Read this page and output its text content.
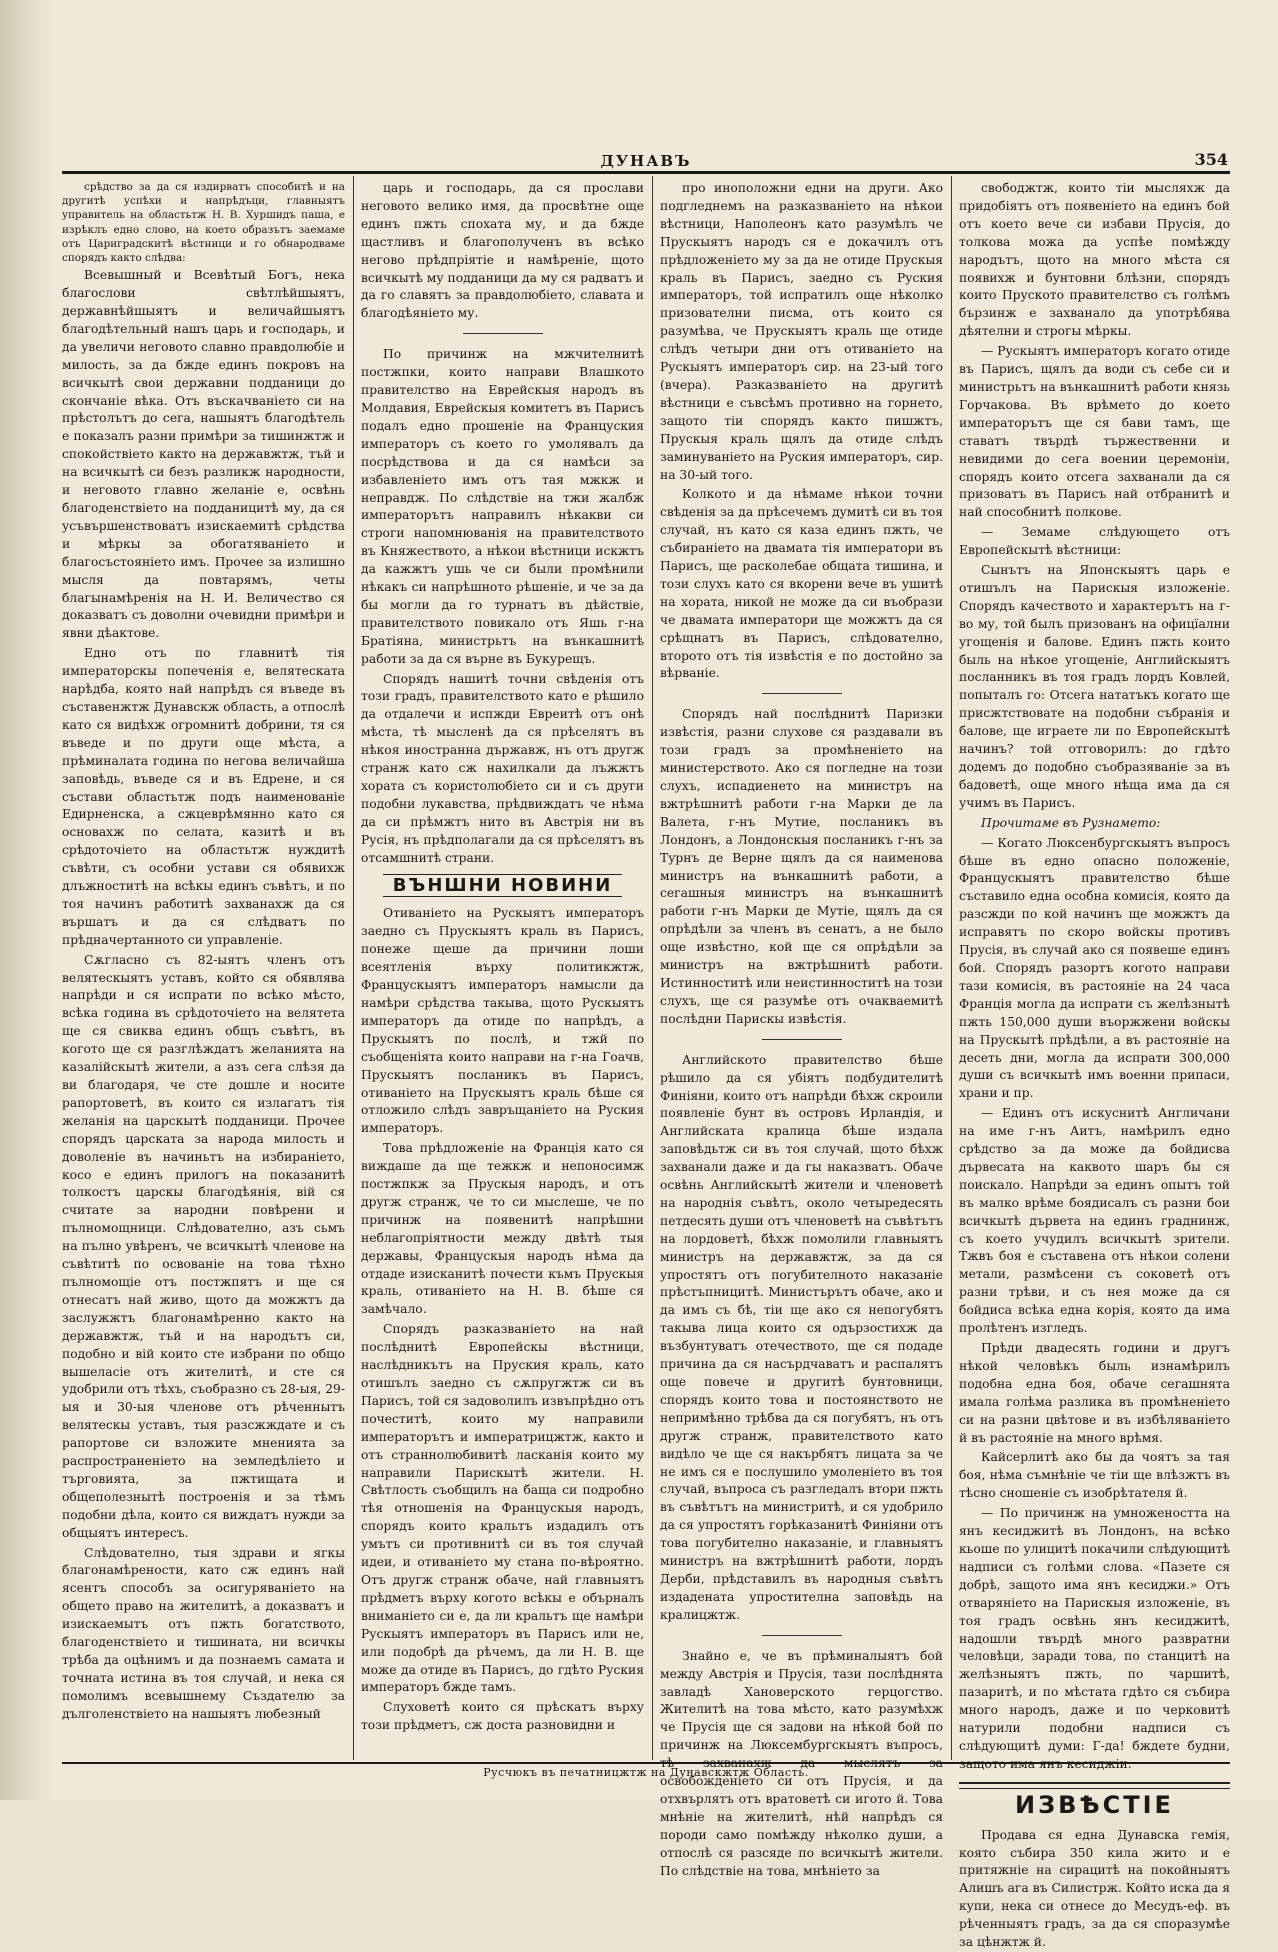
ДУНАВЪ	354

срѣдство за да ся издирватъ способитѣ и на другитѣ успѣхи и напрѣдъци, главныятъ управитель на областьтж Н. В. Хуршидъ паша, е изрѣклъ едно слово, на което образътъ заемаме отъ Цариградскитѣ вѣстници и го обнародваме спорядъ както слѣдва:

Всевышный и Всевѣтый Богъ, нека благослови свѣтлѣйшыятъ, державнѣйшыятъ и величайшыятъ благодѣтельный нашъ царь и господарь, и да увеличи неговото славно правдолюбіе и милость, за да бжде единъ покровъ на всичкытѣ свои державни подданици до скончаніе вѣка. Отъ въскачваніето си на прѣстолътъ до сега, нашыятъ благодѣтель е показалъ разни примѣри за тишинжтж и спокойствіето както на державжтж, тъй и на всичкытѣ си безъ разликж народности, и неговото главно желаніе е, освѣнь благоденствіето на подданицитѣ му, да ся усъвършенствоватъ изискаемитѣ срѣдства и мѣркы за обогатяваніето и благосъстояніето имъ. Прочее за излишно мысля да повтарямъ, четы благынамѣренія на Н. И. Величество ся доказватъ съ доволни очевидни примѣри и явни дѣактове.

Едно отъ по главнитѣ тія императорскы попеченія е, велятескатa нарѣдба, която най напрѣдъ ся въведе въ съставенжтж Дунавскж область, а отпослѣ като ся видѣхж огромнитѣ добрини, тя ся въведе и по други още мѣста, а прѣминалата година по негова величайша заповѣдь, въведе ся и въ Едрене, и ся състави областьтж подъ наименованіе Едирненска, а сжцеврѣмянно като ся основахж по селата, казитѣ и въ срѣдоточіето на областьтж нуждитѣ съвѣти, съ особни устави ся обявихж длъжноститѣ на всѣкы единъ съвѣтъ, и по тоя начинъ работитѣ захванахж да ся вършатъ и да ся слѣдватъ по прѣдначертанното си управленіе.

Сѫгласно съ 82-ыятъ членъ отъ велятескыятъ уставъ, който ся обявлява напрѣди и ся испрати по всѣко мѣсто, всѣка година въ срѣдоточіето на велятета ще ся свиква единъ общъ съвѣтъ, въ когото ще ся разглѣждатъ желанията на казалійскытѣ жители, а азъ сега слѣзя да ви благодаря, че сте дошле и носите рапортоветѣ, въ които ся излагатъ тія желанія на царскытѣ подданици. Прочее спорядъ царската за народа милость и доволеніе въ начиньтъ на избираніето, косо е единъ прилогъ на показанитѣ толкостъ царскы благодѣянія, вій ся считате за народни повѣрени и пълномощници. Слѣдователно, азъ сьмъ на пълно увѣренъ, че всичкытѣ членове на съвѣтитѣ по освованіе на това тѣхно пълномощіе отъ постжпятъ и ще ся отнесатъ най живо, щото да можжтъ да заслужжтъ благонамѣренно както на державжтж, тъй и на народътъ си, подобно и вій които сте избрани по общо вышеласіе отъ жителитѣ, и сте ся удобрили отъ тѣхъ, съобразно съ 28-ыя, 29-ыя и 30-ыя членове отъ рѣченнытъ велятескы уставъ, тыя разсжждате и съ рапортове си взложите мненията за распространеніето на земледѣліето и търговията, за пжтищата и общеполезнытѣ построенія и за тѣмъ подобни дѣла, които ся виждатъ нужди за общыятъ интересъ.

Слѣдователно, тыя здрави и ягкы благонамѣрености, като сж единъ най ясентъ способъ за осигуряваніето на общето право на жителитѣ, а доказватъ и изискаемытъ отъ пжть богатството, благоденствіето и тишината, ни всичкы трѣба да оцѣнимъ и да познаемъ самата и точната истина въ тоя случай, и нека ся помолимъ всевышнему Създателю за дълголенствіето на нашыятъ любезный

царь и господарь, да ся прослави неговото велико имя, да просвѣтне още единъ пжть спохата му, и да бжде щастливъ и благополученъ въ всѣко негово прѣдпріятіе и намѣреніе, щото всичкытѣ му подданици да му ся радватъ и да го славятъ за правдолюбіето, славата и благодѣяніето му.

По причинж на мжчителнитѣ постжпки, които направи Влашкото правителство на Еврейскыя народъ въ Молдавия, Еврейскыя комитетъ въ Парисъ подалъ едно прошеніе на Француския императоръ съ което го умолявалъ да посрѣдствова и да ся намѣси за избавленіето имъ отъ тая мжкж и неправдж. По слѣдствіе на тжи жалбж императорътъ направилъ нѣкакви си строги напомнюванія на правителството въ Княжеството, а нѣкои вѣстници искжтъ да кажжтъ ушь че си были промѣнили нѣкакъ си напрѣшното рѣшеніе, и че за да бы могли да го турнатъ въ дѣйствіе, правителството повикало отъ Яшь г-на Братіяна, министрьтъ на вънкашнитѣ работи за да ся върне въ Букурещъ.

Спорядъ нашитѣ точни свѣденія отъ този градъ, правителството като е рѣшило да отдалечи и испжди Евреитѣ отъ онѣ мѣста, тѣ мысленѣ да ся прѣселятъ въ нѣкоя иностранна държавж, нъ отъ другж странж като сж нахилкали да лъжжтъ хората съ користолюбіето си и съ други подобни лукавства, прѣдвиждатъ че нѣма да си прѣмжтъ нито въ Австрія ни въ Русія, нъ прѣдполагали да ся прѣселятъ въ отсамшнитѣ страни.

ВЪНШНИ НОВИНИ

Отиваніето на Рускыятъ императоръ заедно съ Прускыятъ краль въ Парисъ, понеже щеше да причини лоши всеятленія върху политикжтж, Францускыятъ императоръ намысли да намѣри срѣдства такыва, щото Рускыятъ императоръ да отиде по напрѣдъ, а Прускыятъ по послѣ, и тжй по съобщеніята които направи на г-на Гоачв, Прускыятъ посланикъ въ Парисъ, отиваніето на Прускыятъ краль бѣше ся отложило слѣдъ завръщаніето на Руския императоръ.

Това прѣдложеніе на Франція като ся виждаше да ще тежкж и непоносимж постжпкж за Прускыя народъ, и отъ другж странж, че то си мыслеше, че по причинж на появенитѣ напрѣшни неблагопріятности между двѣтѣ тыя державы, Францускыя народъ нѣма да отдаде изисканитѣ почести къмъ Прускыя краль, отиваніето на Н. В. бѣше ся замѣчало.

Спорядъ разказваніето на най послѣднитѣ Европейскы вѣстници, наслѣдникътъ на Пруския краль, като отишълъ заедно съ сѫпругжтж си въ Парисъ, той ся задоволилъ извъпрѣдно отъ почеститѣ, които му направили императорътъ и императрицжтж, както и отъ страннолюбивитѣ ласканія които му направили Парискытѣ жители. Н. Свѣтлость съобщилъ на баща си подробно тѣя отношенія на Францускыя народъ, спорядъ които кральтъ издадилъ отъ умътъ си противнитѣ си въ тоя случай идеи, и отиваніето му стана по-вѣроятно. Отъ другж странж обаче, най главныятъ прѣдметъ върху когото всѣкы е обърналъ вниманіето си е, да ли кральтъ ще намѣри Рускыятъ императоръ въ Парисъ или не, или подобрѣ да рѣчемъ, да ли Н. В. ще може да отиде въ Парисъ, до гдѣто Руския императоръ бжде тамъ.

Слуховетѣ които ся прѣскатъ върху този прѣдметъ, сж доста разновидни и

про иноположни едни на други. Ако подгледнемъ на разказваніето на нѣкои вѣстници, Наполеонъ като разумѣлъ че Прускыятъ народъ ся е докачилъ отъ прѣдложеніето му за да не отиде Прускыя краль въ Парисъ, заедно съ Руския императоръ, той испратилъ още нѣколко призователни писма, отъ които ся разумѣва, че Прускыятъ краль ще отиде слѣдъ четыри дни отъ отиваніето на Рускыятъ императоръ сир. на 23-ый того (вчера). Разказваніето на другитѣ вѣстници е съвсѣмъ противно на горнето, защото тіи спорядъ както пишжтъ, Прускыя краль щялъ да отиде слѣдъ заминуваніето на Руския императоръ, сир. на 30-ый того.

Колкото и да нѣмаме нѣкои точни свѣденія за да прѣсечемъ думитѣ си въ тоя случай, нъ като ся каза единъ пжть, че събираніето на двамата тія императори въ Парисъ, ще расколебае общата тишина, и този слухъ като ся вкорени вече въ ушитѣ на хората, никой не може да си въобрази че двамата императори ще можжтъ да ся срѣщнатъ въ Парисъ, слѣдователно, второто отъ тія извѣстія е по достойно за вѣрваніе.

Спорядъ най послѣднитѣ Паризки извѣстія, разни слухове ся раздавали въ този градъ за промѣненіето на министерството. Ако ся погледне на този слухъ, испадиенето на министръ на вжтрѣшнитѣ работи г-на Марки де ла Валета, г-нъ Мутие, посланикъ въ Лондонъ, а Лондонскыя посланикъ г-нъ за Турнъ де Верне щялъ да ся наименова министръ на вънкашнитѣ работи, а сегашныя министръ на вънкашнитѣ работи г-нъ Марки де Мутіе, щялъ да ся опрѣдѣли за членъ въ сенатъ, а не было още извѣстно, кой ще ся опрѣдѣли за министръ на вжтрѣшнитѣ работи. Истинноститѣ или неистинноститѣ на този слухъ, ще ся разумѣе отъ очакваемитѣ послѣдни Парискы извѣстія.

Английското правителство бѣше рѣшило да ся убіятъ подбудителитѣ Финіяни, които отъ напрѣди бѣхж скроили появленіе бунт въ островъ Ирландія, и Английската кралица бѣше издала заповѣдьтж си въ тоя случай, щото бѣхж захванали даже и да гы наказватъ. Обаче освѣнь Английскытѣ жители и членоветѣ на народнія съвѣтъ, около четыредесять петдесять души отъ членоветѣ на съвѣтътъ на лордоветѣ, бѣхж помолили главныятъ министръ на державжтж, за да ся упростятъ отъ погубителното наказаніе прѣстъпницитѣ. Министърътъ обаче, ако и да имъ съ бѣ, тіи ще ако ся непогубятъ такыва лица които ся одързостихж да възбунтуватъ отечеството, ще ся подаде причина да ся насърдчаватъ и распалятъ още повече и другитѣ бунтовници, спорядъ които това и постоянството не непримѣнно трѣбва да ся погубятъ, нъ отъ другж странж, правителството като видѣло че ще ся накърбятъ лицата за че не имъ ся е послушило умоленіето въ тоя случай, въпроса съ разгледалъ втори пжть въ съвѣтътъ на министритѣ, и ся удобрило да ся упростятъ горѣказанитѣ Финіяни отъ това погубително наказаніе, и главныятъ министръ на вжтрѣшнитѣ работи, лордъ Дерби, прѣдставилъ въ народныя съвѣтъ издадената упростителна заповѣдь на кралицжтж.

Знайно е, че въ прѣминалыятъ бой между Австрія и Прусія, тази послѣднята завладѣ Хановерското герцогство. Жителитѣ на това мѣсто, като разумѣхж че Прусія ще ся задови на нѣкой бой по причинж на Люксембургскыятъ въпросъ, освобожденіето си отъ Прусія, и да отхвърлятъ отъ вратоветѣ си игото й. Това мнѣніе на жителитѣ, нѣй напрѣдъ ся породи само помѣжду нѣколко души, а отпослѣ ся разсяде по всичкытѣ жители. По слѣдствіе на това, мнѣніето за

свободжтж, които тіи мысляхж да придобіятъ отъ появеніето на единъ бой отъ което вече си избави Прусія, до толкова можа да успѣе помѣжду народътъ, щото на много мѣста ся появихж и бунтовни блѣзни, спорядъ които Пруското правителство съ голѣмъ бързинж е захванало да употрѣбява дѣятелни и строгы мѣркы.

— Рускыятъ императоръ когато отиде въ Парисъ, щялъ да води съ себе си и министрьтъ на вънкашнитѣ работи князь Горчакова. Въ врѣмето до което императорътъ ще ся бави тамъ, ще ставатъ твърдѣ тържественни и невидими до сега воении церемоніи, спорядъ които отсега захванали да ся призоватъ въ Парисъ най отбранитѣ и най способнитѣ полкове.

— Земаме слѣдующето отъ Европейскытѣ вѣстници:

Сынътъ на Японскыятъ царь е отишълъ на Парискыя изложеніе. Спорядъ качеството и характерътъ на г-во му, той былъ призованъ на офицїални угощенія и балове. Единъ пжть които быль на нѣкое угощеніе, Английскыятъ посланникъ въ тоя градъ лордъ Ковлей, попыталъ го: Отсега нататъкъ когато ще присжтствовате на подобни събранія и балове, ще играете ли по Европейскытѣ начинъ? той отговорилъ: до гдѣто додемъ до подобно съобразяваніе за въ бадоветѣ, още много нѣща има да ся учимъ въ Парисъ.

Прочитаме въ Рузнамето:

— Когато Люксенбургскыятъ въпросъ бѣше въ едно опасно положеніе, Францускыятъ правителство бѣше съставило една особна комисія, която да разсжди по кой начинъ ще можжтъ да исправятъ по скоро войскы противъ Прусія, въ случай ако ся появеше единъ бой. Спорядъ разортъ когото направи тази комисія, въ растояніе на 24 часа Франція могла да испрати съ желѣзнытѣ пжть 150,000 души въоржжени войскы на Прускытѣ прѣдѣли, а въ растояніе на десеть дни, могла да испрати 300,000 души съ всичкытѣ имъ военни припаси, храни и пр.

— Единъ отъ искуснитѣ Англичани на име г-нъ Аитъ, намѣрилъ едно срѣдство за да може да бойдисва дървесата на каквото шаръ бы ся поискало. Напрѣди за единъ опытъ той въ малко врѣме боядисалъ съ разни бои всичкытѣ дървета на единъ граднинж, съ което учудилъ всичкытѣ зрители. Тжвъ боя е съставена отъ нѣкои солени метали, размѣсени съ соковетѣ отъ разни трѣви, и съ нея може да ся бойдиса всѣка една корія, която да има пролѣтенъ изгледъ.

Прѣди двадесять години и другъ нѣкой человѣкъ быль изнамѣрилъ подобна една боя, обаче сегашнята имала голѣма разлика въ промѣненіето си на разни цвѣтове и въ избѣляваніето й въ растояніе на много врѣмя.

Кайсерлитѣ ако бы да чоятъ за тая боя, нѣма съмнѣніе че тіи ще влѣзжтъ въ тѣсно сношеніе съ изобрѣтателя й.

— По причинж на умножеността на янъ кесиджитѣ въ Лондонъ, на всѣко кьоше по улицитѣ покачили слѣдующитѣ надписи съ голѣми слова. «Пазете ся добрѣ, защото има янъ кесиджи.» Отъ отваряніето на Парискыя изложеніе, въ тоя градъ освѣнь янъ кесиджитѣ, надошли твърдѣ много развратни человѣци, заради това, по станцитѣ на желѣзныятъ пжть, по чаршитѣ, пазаритѣ, и по мѣстата гдѣто ся събира много народъ, даже и по черковитѣ натурили подобни надписи съ слѣдующитѣ думи: Г-да! бждете будни,

ИЗВѢСТІЕ

Продава ся една Дунавска гемія, която събира 350 кила жито и е притяжніе на сирацитѣ на покойныятъ Алишъ ага въ Силистрж. Който иска да я купи, нека си отнесе до Месудъ-еф. въ рѣченныятъ градъ, за да ся споразумѣе за цѣнжтж й.

Русчюкъ въ печатницжтж на Дунавскжтж Область.
